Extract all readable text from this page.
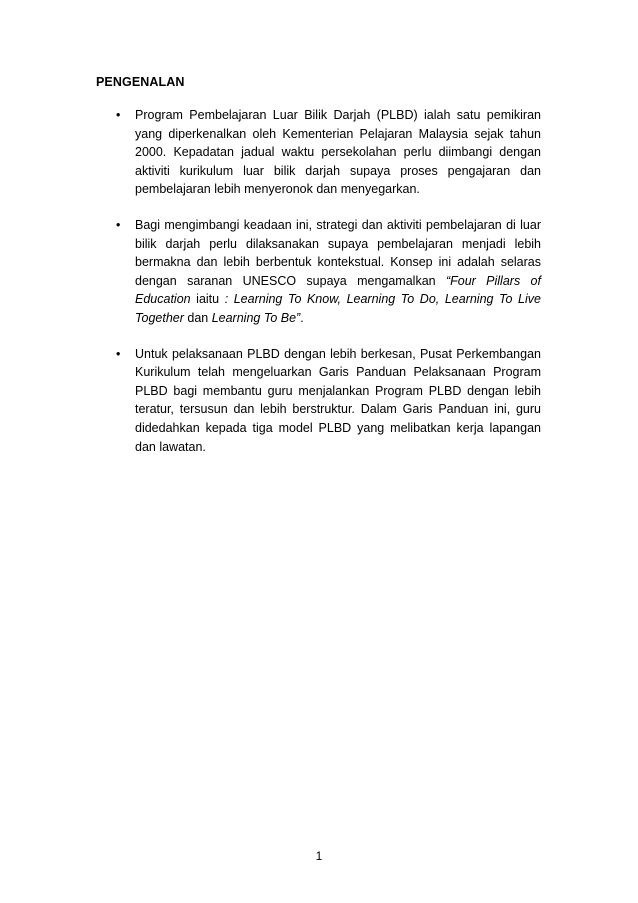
PENGENALAN
• Program Pembelajaran Luar Bilik Darjah (PLBD) ialah satu pemikiran yang diperkenalkan oleh Kementerian Pelajaran Malaysia sejak tahun 2000. Kepadatan jadual waktu persekolahan perlu diimbangi dengan aktiviti kurikulum luar bilik darjah supaya proses pengajaran dan pembelajaran lebih menyeronok dan menyegarkan.
• Bagi mengimbangi keadaan ini, strategi dan aktiviti pembelajaran di luar bilik darjah perlu dilaksanakan supaya pembelajaran menjadi lebih bermakna dan lebih berbentuk kontekstual. Konsep ini adalah selaras dengan saranan UNESCO supaya mengamalkan “Four Pillars of Education iaitu : Learning To Know, Learning To Do, Learning To Live Together dan Learning To Be”.
• Untuk pelaksanaan PLBD dengan lebih berkesan, Pusat Perkembangan Kurikulum telah mengeluarkan Garis Panduan Pelaksanaan Program PLBD bagi membantu guru menjalankan Program PLBD dengan lebih teratur, tersusun dan lebih berstruktur. Dalam Garis Panduan ini, guru didedahkan kepada tiga model PLBD yang melibatkan kerja lapangan dan lawatan.
1
